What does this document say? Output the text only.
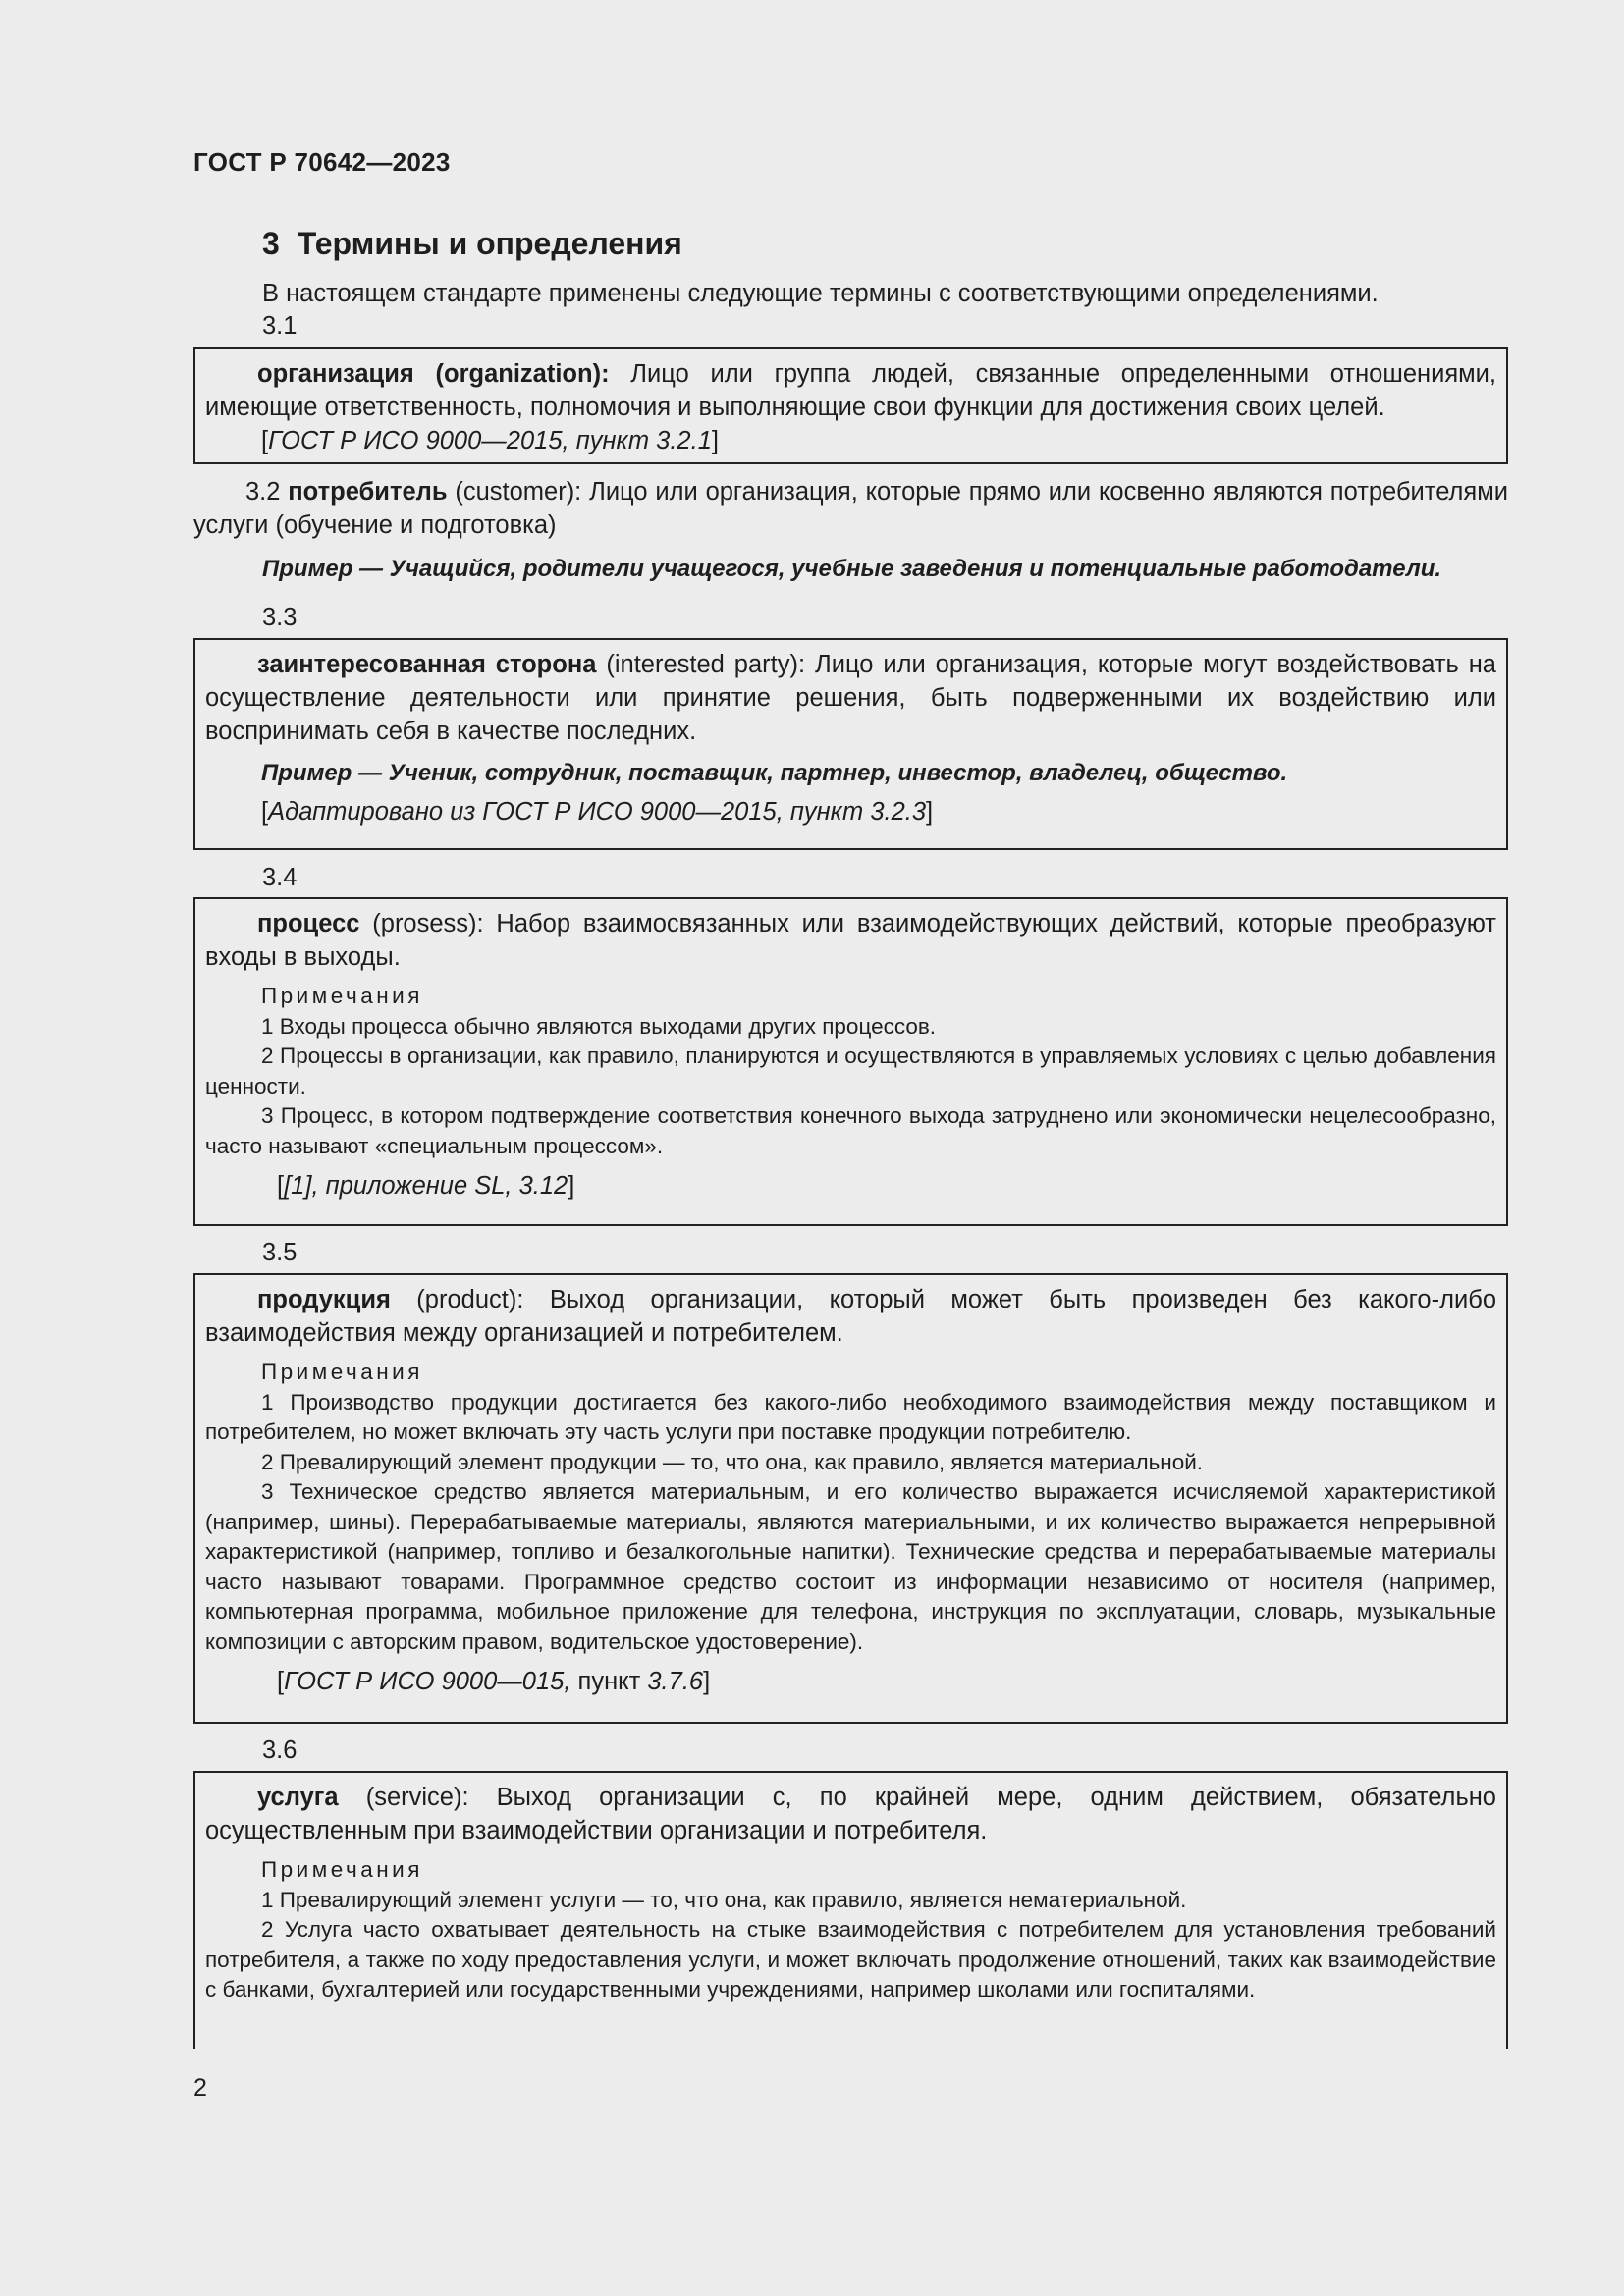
ГОСТ Р 70642—2023
3 Термины и определения
В настоящем стандарте применены следующие термины с соответствующими определениями.
3.1
организация (organization): Лицо или группа людей, связанные определенными отношениями, имеющие ответственность, полномочия и выполняющие свои функции для достижения своих целей.
[ГОСТ Р ИСО 9000—2015, пункт 3.2.1]
3.2 потребитель (customer): Лицо или организация, которые прямо или косвенно являются потребителями услуги (обучение и подготовка)
Пример — Учащийся, родители учащегося, учебные заведения и потенциальные работодатели.
3.3
заинтересованная сторона (interested party): Лицо или организация, которые могут воздействовать на осуществление деятельности или принятие решения, быть подверженными их воздействию или воспринимать себя в качестве последних.
Пример — Ученик, сотрудник, поставщик, партнер, инвестор, владелец, общество.
[Адаптировано из ГОСТ Р ИСО 9000—2015, пункт 3.2.3]
3.4
процесс (prosess): Набор взаимосвязанных или взаимодействующих действий, которые преобразуют входы в выходы.
Примечания
1 Входы процесса обычно являются выходами других процессов.
2 Процессы в организации, как правило, планируются и осуществляются в управляемых условиях с целью добавления ценности.
3 Процесс, в котором подтверждение соответствия конечного выхода затруднено или экономически нецелесообразно, часто называют «специальным процессом».
[[1], приложение SL, 3.12]
3.5
продукция (product): Выход организации, который может быть произведен без какого-либо взаимодействия между организацией и потребителем.
Примечания
1 Производство продукции достигается без какого-либо необходимого взаимодействия между поставщиком и потребителем, но может включать эту часть услуги при поставке продукции потребителю.
2 Превалирующий элемент продукции — то, что она, как правило, является материальной.
3 Техническое средство является материальным, и его количество выражается исчисляемой характеристикой (например, шины). Перерабатываемые материалы, являются материальными, и их количество выражается непрерывной характеристикой (например, топливо и безалкогольные напитки). Технические средства и перерабатываемые материалы часто называют товарами. Программное средство состоит из информации независимо от носителя (например, компьютерная программа, мобильное приложение для телефона, инструкция по эксплуатации, словарь, музыкальные композиции с авторским правом, водительское удостоверение).
[ГОСТ Р ИСО 9000—015, пункт 3.7.6]
3.6
услуга (service): Выход организации с, по крайней мере, одним действием, обязательно осуществленным при взаимодействии организации и потребителя.
Примечания
1 Превалирующий элемент услуги — то, что она, как правило, является нематериальной.
2 Услуга часто охватывает деятельность на стыке взаимодействия с потребителем для установления требований потребителя, а также по ходу предоставления услуги, и может включать продолжение отношений, таких как взаимодействие с банками, бухгалтерией или государственными учреждениями, например школами или госпиталями.
2
